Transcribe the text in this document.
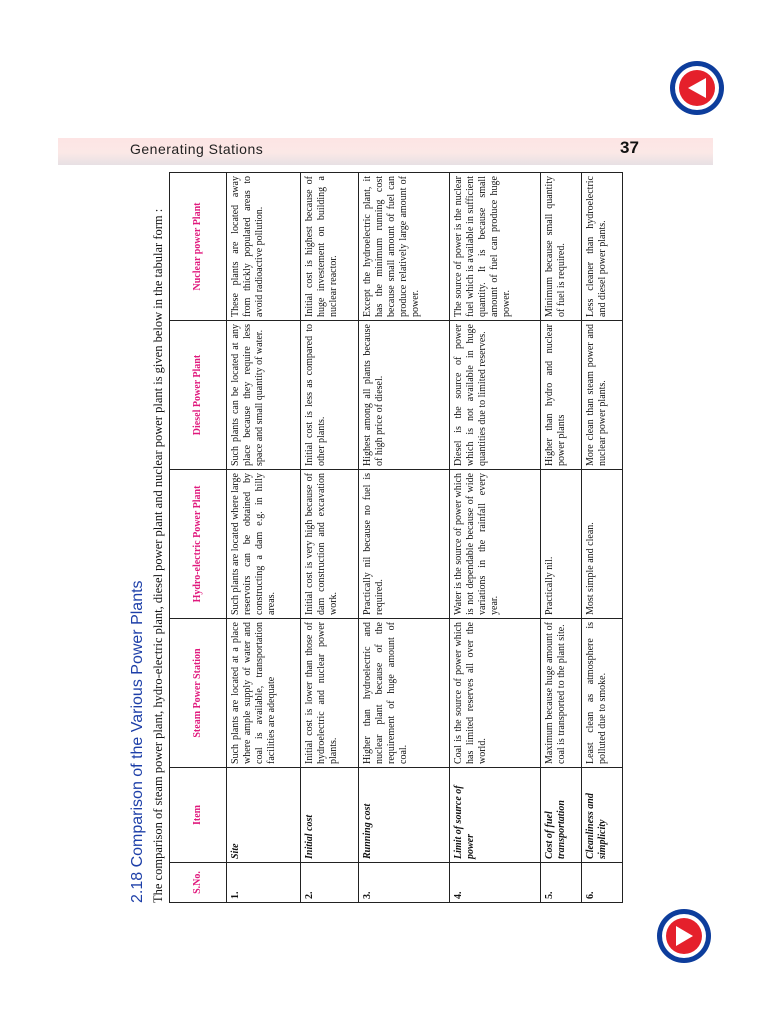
Generating Stations	37
2.18 Comparison of the Various Power Plants The comparison of steam power plant, hydro-electric plant, diesel power plant and nuclear power plant is given below in the tabular form :	S.No.	Item	Steam Power Station	Hydro-electric Power Plant	Diesel Power Plant	Nuclear power Plant
1.	Site	Such plants are located at a place where ample supply of water and coal is available, transportation facilities are adequate	Such plants are located where large reservoirs can be obtained by constructing a dam e.g. in hilly areas.	Such plants can be located at any place because they require less space and small quantity of water.	These plants are located away from thickly populated areas to avoid radioactive pollution.
2.	Initial cost	Initial cost is lower than those of hydroelectric and nuclear power plants.	Initial cost is very high because of dam construction and excavation work.	Initial cost is less as compared to other plants.	Initial cost is highest because of huge investement on building a nuclear reactor.
3.	Running cost	Higher than hydroelectric and nuclear plant because of the requirement of huge amount of coal.	Practically nil because no fuel is required.	Highest among all plants because of high price of diesel.	Except the hydroelectric plant, it has the minimum running cost because small amount of fuel can produce relatively large amount of power.
4.	Limit of source of power	Coal is the source of power which has limited reserves all over the world.	Water is the source of power which is not dependable because of wide variations in the rainfall every year.	Diesel is the source of power which is not available in huge quantities due to limited reserves.	The source of power is the nuclear fuel which is available in sufficient quantity. It is because small amount of fuel can produce huge power.
5.	Cost of fuel transportation	Maximum because huge amount of coal is transported to the plant site.	Practically nil.	Higher than hydro and nuclear power plants	Minimum because small quantity of fuel is required.
6.	Cleanliness and simplicity	Least clean as atmosphere is polluted due to smoke.	Most simple and clean.	More clean than steam power and nuclear power plants.	Less cleaner than hydroelectric and diesel power plants.
